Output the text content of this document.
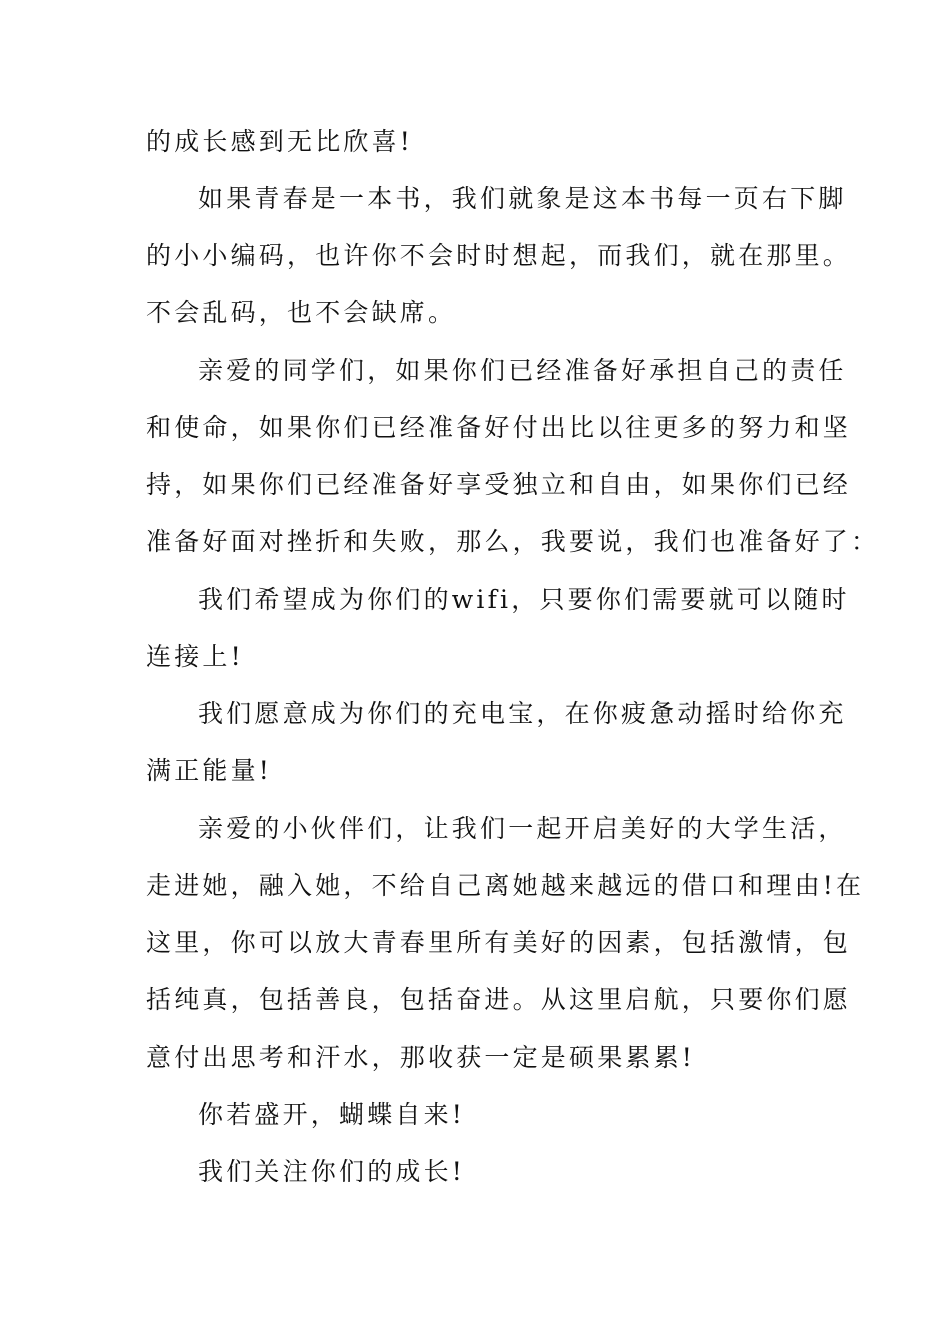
的成长感到无比欣喜!
如果青春是一本书，我们就象是这本书每一页右下脚
的小小编码，也许你不会时时想起，而我们，就在那里。
不会乱码，也不会缺席。
亲爱的同学们，如果你们已经准备好承担自己的责任
和使命，如果你们已经准备好付出比以往更多的努力和坚
持，如果你们已经准备好享受独立和自由，如果你们已经
准备好面对挫折和失败，那么，我要说，我们也准备好了：
我们希望成为你们的wifi，只要你们需要就可以随时
连接上!
我们愿意成为你们的充电宝，在你疲惫动摇时给你充
满正能量!
亲爱的小伙伴们，让我们一起开启美好的大学生活，
走进她，融入她，不给自己离她越来越远的借口和理由!在
这里，你可以放大青春里所有美好的因素，包括激情，包
括纯真，包括善良，包括奋进。从这里启航，只要你们愿
意付出思考和汗水，那收获一定是硕果累累!
你若盛开，蝴蝶自来!
我们关注你们的成长!
